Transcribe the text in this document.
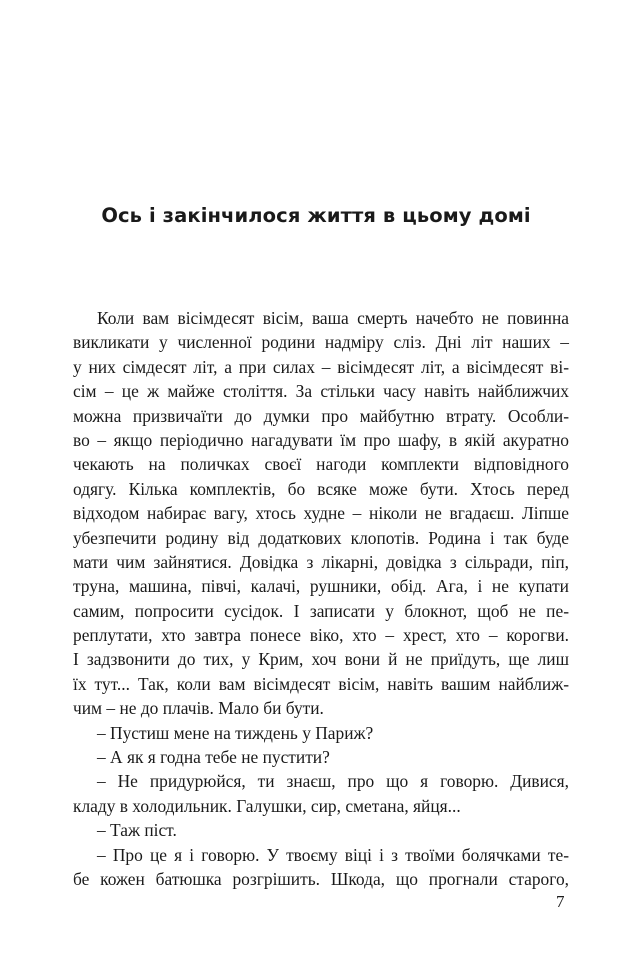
Ось і закінчилося життя в цьому домі
Коли вам вісімдесят вісім, ваша смерть начебто не повинна
викликати у численної родини надміру сліз. Дні літ наших –
у них сімдесят літ, а при силах – вісімдесят літ, а вісімдесят ві-
сім – це ж майже століття. За стільки часу навіть найближчих
можна призвичаїти до думки про майбутню втрату. Особли-
во – якщо періодично нагадувати їм про шафу, в якій акуратно
чекають на поличках своєї нагоди комплекти відповідного
одягу. Кілька комплектів, бо всяке може бути. Хтось перед
відходом набирає вагу, хтось худне – ніколи не вгадаєш. Ліпше
убезпечити родину від додаткових клопотів. Родина і так буде
мати чим зайнятися. Довідка з лікарні, довідка з сільради, піп,
труна, машина, півчі, калачі, рушники, обід. Ага, і не купати
самим, попросити сусідок. І записати у блокнот, щоб не пе-
реплутати, хто завтра понесе віко, хто – хрест, хто – корогви.
І задзвонити до тих, у Крим, хоч вони й не приїдуть, ще лиш
їх тут... Так, коли вам вісімдесят вісім, навіть вашим найближ-
чим – не до плачів. Мало би бути.
– Пустиш мене на тиждень у Париж?
– А як я годна тебе не пустити?
– Не придурюйся, ти знаєш, про що я говорю. Дивися,
кладу в холодильник. Галушки, сир, сметана, яйця...
– Таж піст.
– Про це я і говорю. У твоєму віці і з твоїми болячками те-
бе кожен батюшка розгрішить. Шкода, що прогнали старого,
7
